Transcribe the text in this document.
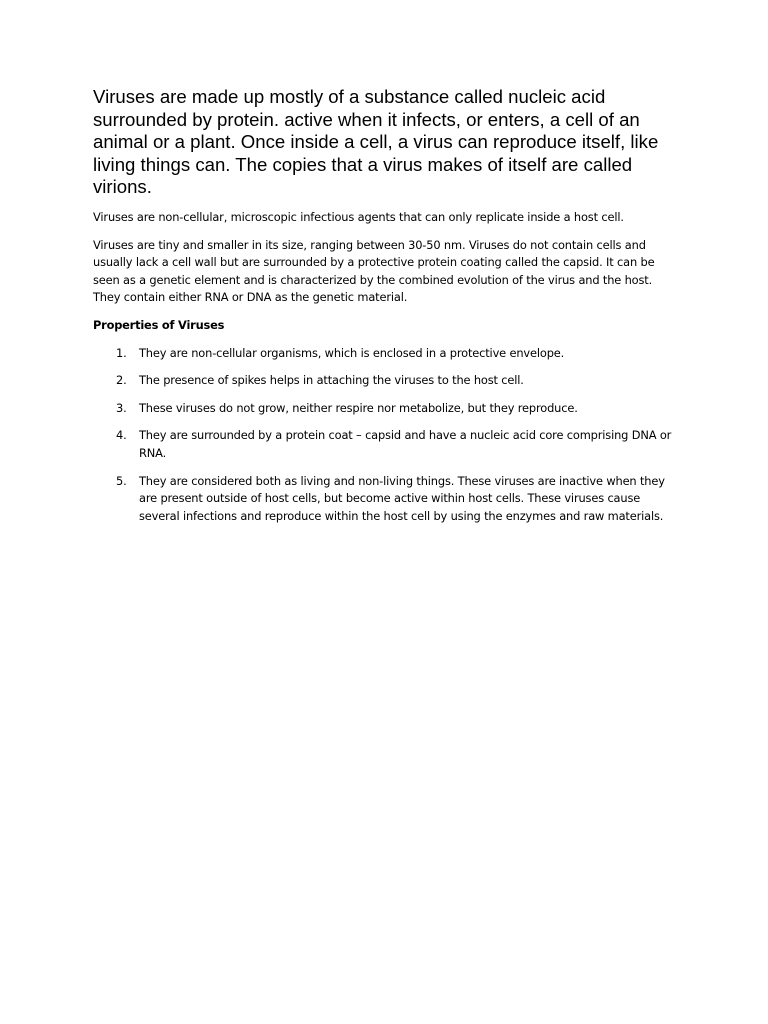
Viruses are made up mostly of a substance called nucleic acid surrounded by protein. active when it infects, or enters, a cell of an animal or a plant. Once inside a cell, a virus can reproduce itself, like living things can. The copies that a virus makes of itself are called virions.

Viruses are non-cellular, microscopic infectious agents that can only replicate inside a host cell.

Viruses are tiny and smaller in its size, ranging between 30-50 nm. Viruses do not contain cells and usually lack a cell wall but are surrounded by a protective protein coating called the capsid. It can be seen as a genetic element and is characterized by the combined evolution of the virus and the host. They contain either RNA or DNA as the genetic material.

Properties of Viruses

1.	They are non-cellular organisms, which is enclosed in a protective envelope.
2.	The presence of spikes helps in attaching the viruses to the host cell.
3.	These viruses do not grow, neither respire nor metabolize, but they reproduce.
4.	They are surrounded by a protein coat – capsid and have a nucleic acid core comprising DNA or RNA.
5.	They are considered both as living and non-living things. These viruses are inactive when they are present outside of host cells, but become active within host cells. These viruses cause several infections and reproduce within the host cell by using the enzymes and raw materials.
